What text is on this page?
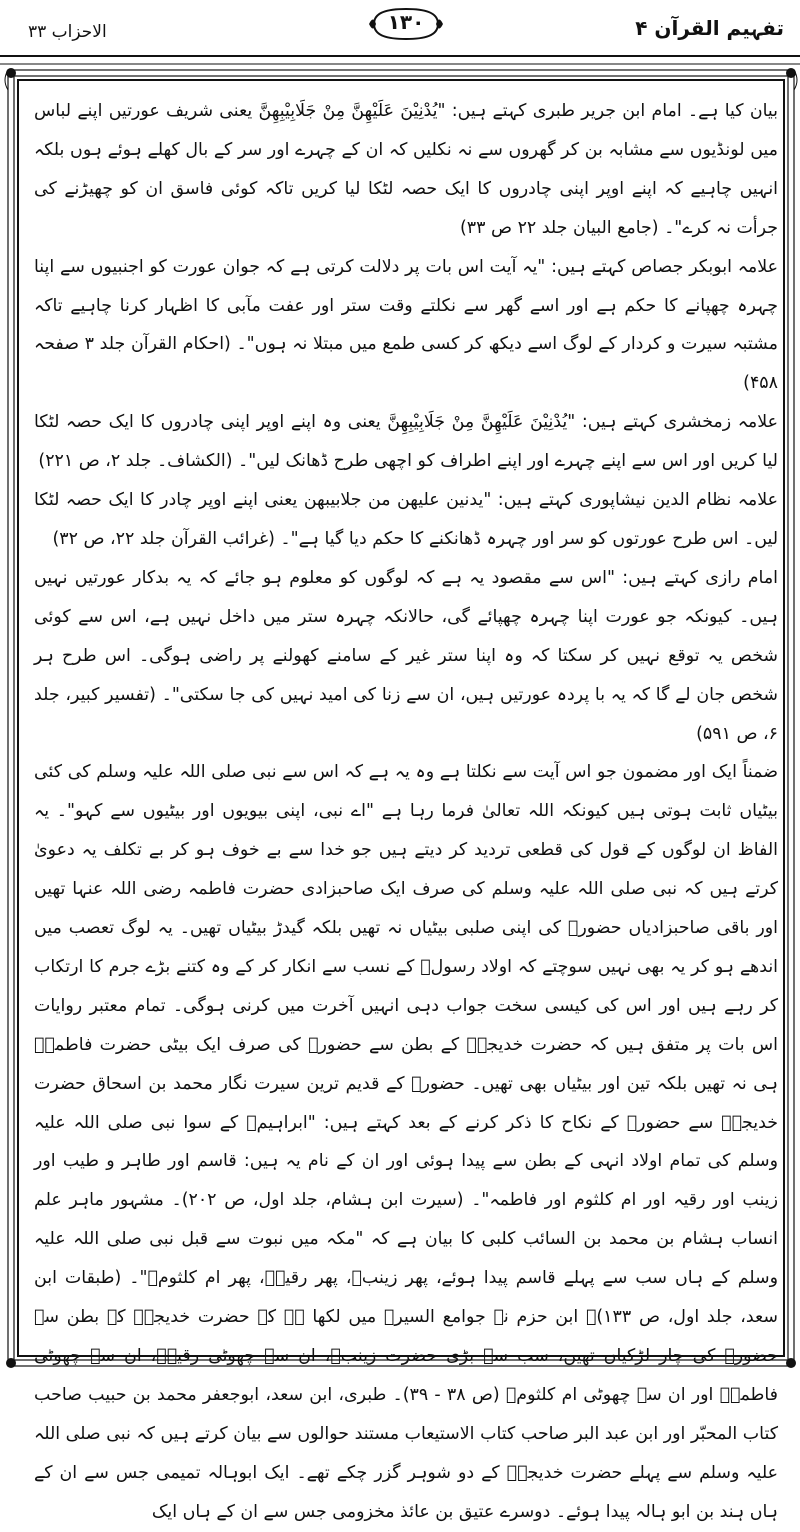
الاحزاب ۳۳	۱۳۰	تفہیم القرآن ۴

بیان کیا ہے۔ امام ابن جریر طبری کہتے ہیں: "یُدْنِیْنَ عَلَیْھِنَّ مِنْ جَلَابِیْبِھِنَّ یعنی شریف عورتیں اپنے لباس میں لونڈیوں سے مشابہ بن کر گھروں سے نہ نکلیں کہ ان کے چہرے اور سر کے بال کھلے ہوئے ہوں بلکہ انہیں چاہیے کہ اپنے اوپر اپنی چادروں کا ایک حصہ لٹکا لیا کریں تاکہ کوئی فاسق ان کو چھیڑنے کی جرأت نہ کرے"۔ (جامع البیان جلد ۲۲ ص ۳۳)

علامہ ابوبکر جصاص کہتے ہیں: "یہ آیت اس بات پر دلالت کرتی ہے کہ جوان عورت کو اجنبیوں سے اپنا چہرہ چھپانے کا حکم ہے اور اسے گھر سے نکلتے وقت ستر اور عفت مآبی کا اظہار کرنا چاہیے تاکہ مشتبہ سیرت و کردار کے لوگ اسے دیکھ کر کسی طمع میں مبتلا نہ ہوں"۔ (احکام القرآن جلد ۳ صفحہ ۴۵۸)

علامہ زمخشری کہتے ہیں: "یُدْنِیْنَ عَلَیْھِنَّ مِنْ جَلَابِیْبِھِنَّ یعنی وہ اپنے اوپر اپنی چادروں کا ایک حصہ لٹکا لیا کریں اور اس سے اپنے چہرے اور اپنے اطراف کو اچھی طرح ڈھانک لیں"۔ (الکشاف۔ جلد ۲، ص ۲۲۱)

علامہ نظام الدین نیشاپوری کہتے ہیں: "یدنین علیھن من جلابیبھن یعنی اپنے اوپر چادر کا ایک حصہ لٹکا لیں۔ اس طرح عورتوں کو سر اور چہرہ ڈھانکنے کا حکم دیا گیا ہے"۔ (غرائب القرآن جلد ۲۲، ص ۳۲)

امام رازی کہتے ہیں: "اس سے مقصود یہ ہے کہ لوگوں کو معلوم ہو جائے کہ یہ بدکار عورتیں نہیں ہیں۔ کیونکہ جو عورت اپنا چہرہ چھپائے گی، حالانکہ چہرہ ستر میں داخل نہیں ہے، اس سے کوئی شخص یہ توقع نہیں کر سکتا کہ وہ اپنا ستر غیر کے سامنے کھولنے پر راضی ہوگی۔ اس طرح ہر شخص جان لے گا کہ یہ با پردہ عورتیں ہیں، ان سے زنا کی امید نہیں کی جا سکتی"۔ (تفسیر کبیر، جلد ۶، ص ۵۹۱)

ضمناً ایک اور مضمون جو اس آیت سے نکلتا ہے وہ یہ ہے کہ اس سے نبی صلی اللہ علیہ وسلم کی کئی بیٹیاں ثابت ہوتی ہیں کیونکہ اللہ تعالیٰ فرما رہا ہے "اے نبی، اپنی بیویوں اور بیٹیوں سے کہو"۔ یہ الفاظ ان لوگوں کے قول کی قطعی تردید کر دیتے ہیں جو خدا سے بے خوف ہو کر بے تکلف یہ دعویٰ کرتے ہیں کہ نبی صلی اللہ علیہ وسلم کی صرف ایک صاحبزادی حضرت فاطمہ رضی اللہ عنہا تھیں اور باقی صاحبزادیاں حضورؐ کی اپنی صلبی بیٹیاں نہ تھیں بلکہ گیدڑ بیٹیاں تھیں۔ یہ لوگ تعصب میں اندھے ہو کر یہ بھی نہیں سوچتے کہ اولاد رسولؐ کے نسب سے انکار کر کے وہ کتنے بڑے جرم کا ارتکاب کر رہے ہیں اور اس کی کیسی سخت جواب دہی انہیں آخرت میں کرنی ہوگی۔ تمام معتبر روایات اس بات پر متفق ہیں کہ حضرت خدیجہؓ کے بطن سے حضورؐ کی صرف ایک بیٹی حضرت فاطمہؓ ہی نہ تھیں بلکہ تین اور بیٹیاں بھی تھیں۔ حضورؐ کے قدیم ترین سیرت نگار محمد بن اسحاق حضرت خدیجہؓ سے حضورؐ کے نکاح کا ذکر کرنے کے بعد کہتے ہیں: "ابراہیمؑ کے سوا نبی صلی اللہ علیہ وسلم کی تمام اولاد انہی کے بطن سے پیدا ہوئی اور ان کے نام یہ ہیں: قاسم اور طاہر و طیب اور زینب اور رقیہ اور ام کلثوم اور فاطمہ"۔ (سیرت ابن ہشام، جلد اول، ص ۲۰۲)۔ مشہور ماہر علم انساب ہشام بن محمد بن السائب کلبی کا بیان ہے کہ "مکہ میں نبوت سے قبل نبی صلی اللہ علیہ وسلم کے ہاں سب سے پہلے قاسم پیدا ہوئے، پھر زینبؓ، پھر رقیہؓ، پھر ام کلثومؓ"۔ (طبقات ابن سعد، جلد اول، ص ۱۳۳)۔ ابن حزم نے جوامع السیرۃ میں لکھا ہے کہ حضرت خدیجہؓ کے بطن سے حضورؐ کی چار لڑکیاں تھیں، سب سے بڑی حضرت زینبؓ، ان سے چھوٹی رقیہؓ، ان سے چھوٹی فاطمہؓ اور ان سے چھوٹی ام کلثومؓ (ص ۳۸ - ۳۹)۔ طبری، ابن سعد، ابوجعفر محمد بن حبیب صاحب کتاب المحبّر اور ابن عبد البر صاحب کتاب الاستیعاب مستند حوالوں سے بیان کرتے ہیں کہ نبی صلی اللہ علیہ وسلم سے پہلے حضرت خدیجہؓ کے دو شوہر گزر چکے تھے۔ ایک ابوہالہ تمیمی جس سے ان کے ہاں ہند بن ابو ہالہ پیدا ہوئے۔ دوسرے عتیق بن عائذ مخزومی جس سے ان کے ہاں ایک
